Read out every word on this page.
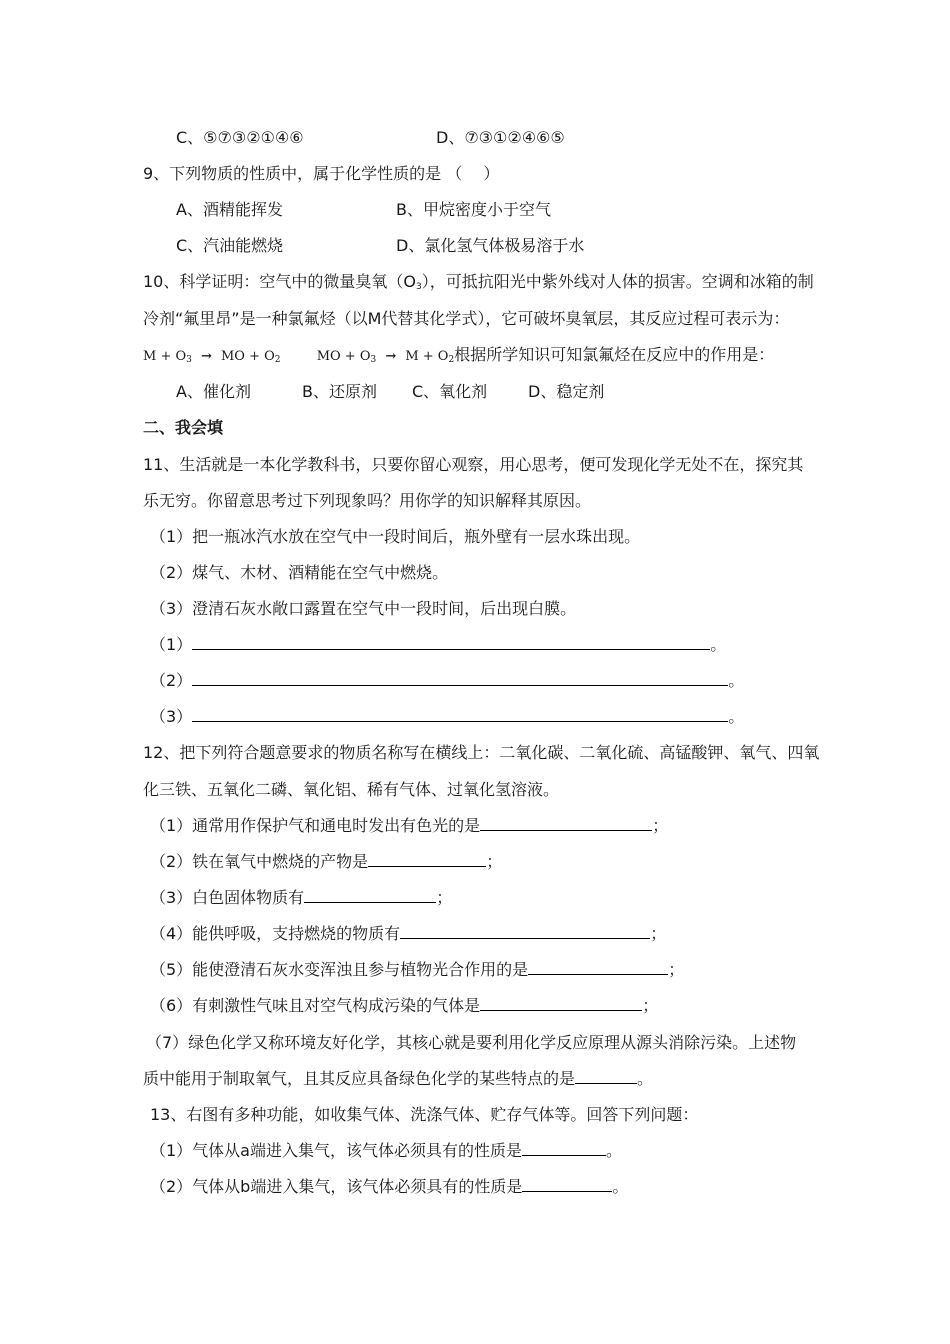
C、⑤⑦③②①④⑥	D、⑦③①②④⑥⑤
9、下列物质的性质中，属于化学性质的是 （　 ）
A、酒精能挥发	B、甲烷密度小于空气
C、汽油能燃烧	D、氯化氢气体极易溶于水
10、科学证明：空气中的微量臭氧$(O_3)$，可抵抗阳光中紫外线对人体的损害。空调和冰箱的制
冷剂“氟里昂”是一种氯氟烃（以M代替其化学式），它可破坏臭氧层，其反应过程可表示为：
$M + O_3$ → MO + $O_2$	MO + $O_3 \to M + O_2$根据所学知识可知氯氟烃在反应中的作用是：
A、催化剂	B、还原剂 C、氧化剂	D、稳定剂
二、我会填
11、生活就是一本化学教科书，只要你留心观察，用心思考，便可发现化学无处不在，探究其
乐无穷。你留意思考过下列现象吗？用你学的知识解释其原因。
（1）把一瓶冰汽水放在空气中一段时间后，瓶外壁有一层水珠出现。
（2）煤气、木材、酒精能在空气中燃烧。
（3）澄清石灰水敞口露置在空气中一段时间，后出现白膜。
（1）	。
（2）	。
（3）	。
12、把下列符合题意要求的物质名称写在横线上：二氧化碳、二氧化硫、高锰酸钾、氧气、四氧
化三铁、五氧化二磷、氧化铝、稀有气体、过氧化氢溶液。
（1）通常用作保护气和通电时发出有色光的是	；
（2）铁在氧气中燃烧的产物是	；
（3）白色固体物质有	；
（4）能供呼吸，支持燃烧的物质有	；
（5）能使澄清石灰水变浑浊且参与植物光合作用的是	；
（6）有刺激性气味且对空气构成污染的气体是	；
（7）绿色化学又称环境友好化学，其核心就是要利用化学反应原理从源头消除污染。上述物
质中能用于制取氧气，且其反应具备绿色化学的某些特点的是	。
13、右图有多种功能，如收集气体、洗涤气体、贮存气体等。回答下列问题：
（1）气体从a端进入集气，该气体必须具有的性质是	。
（2）气体从b端进入集气，该气体必须具有的性质是	。
